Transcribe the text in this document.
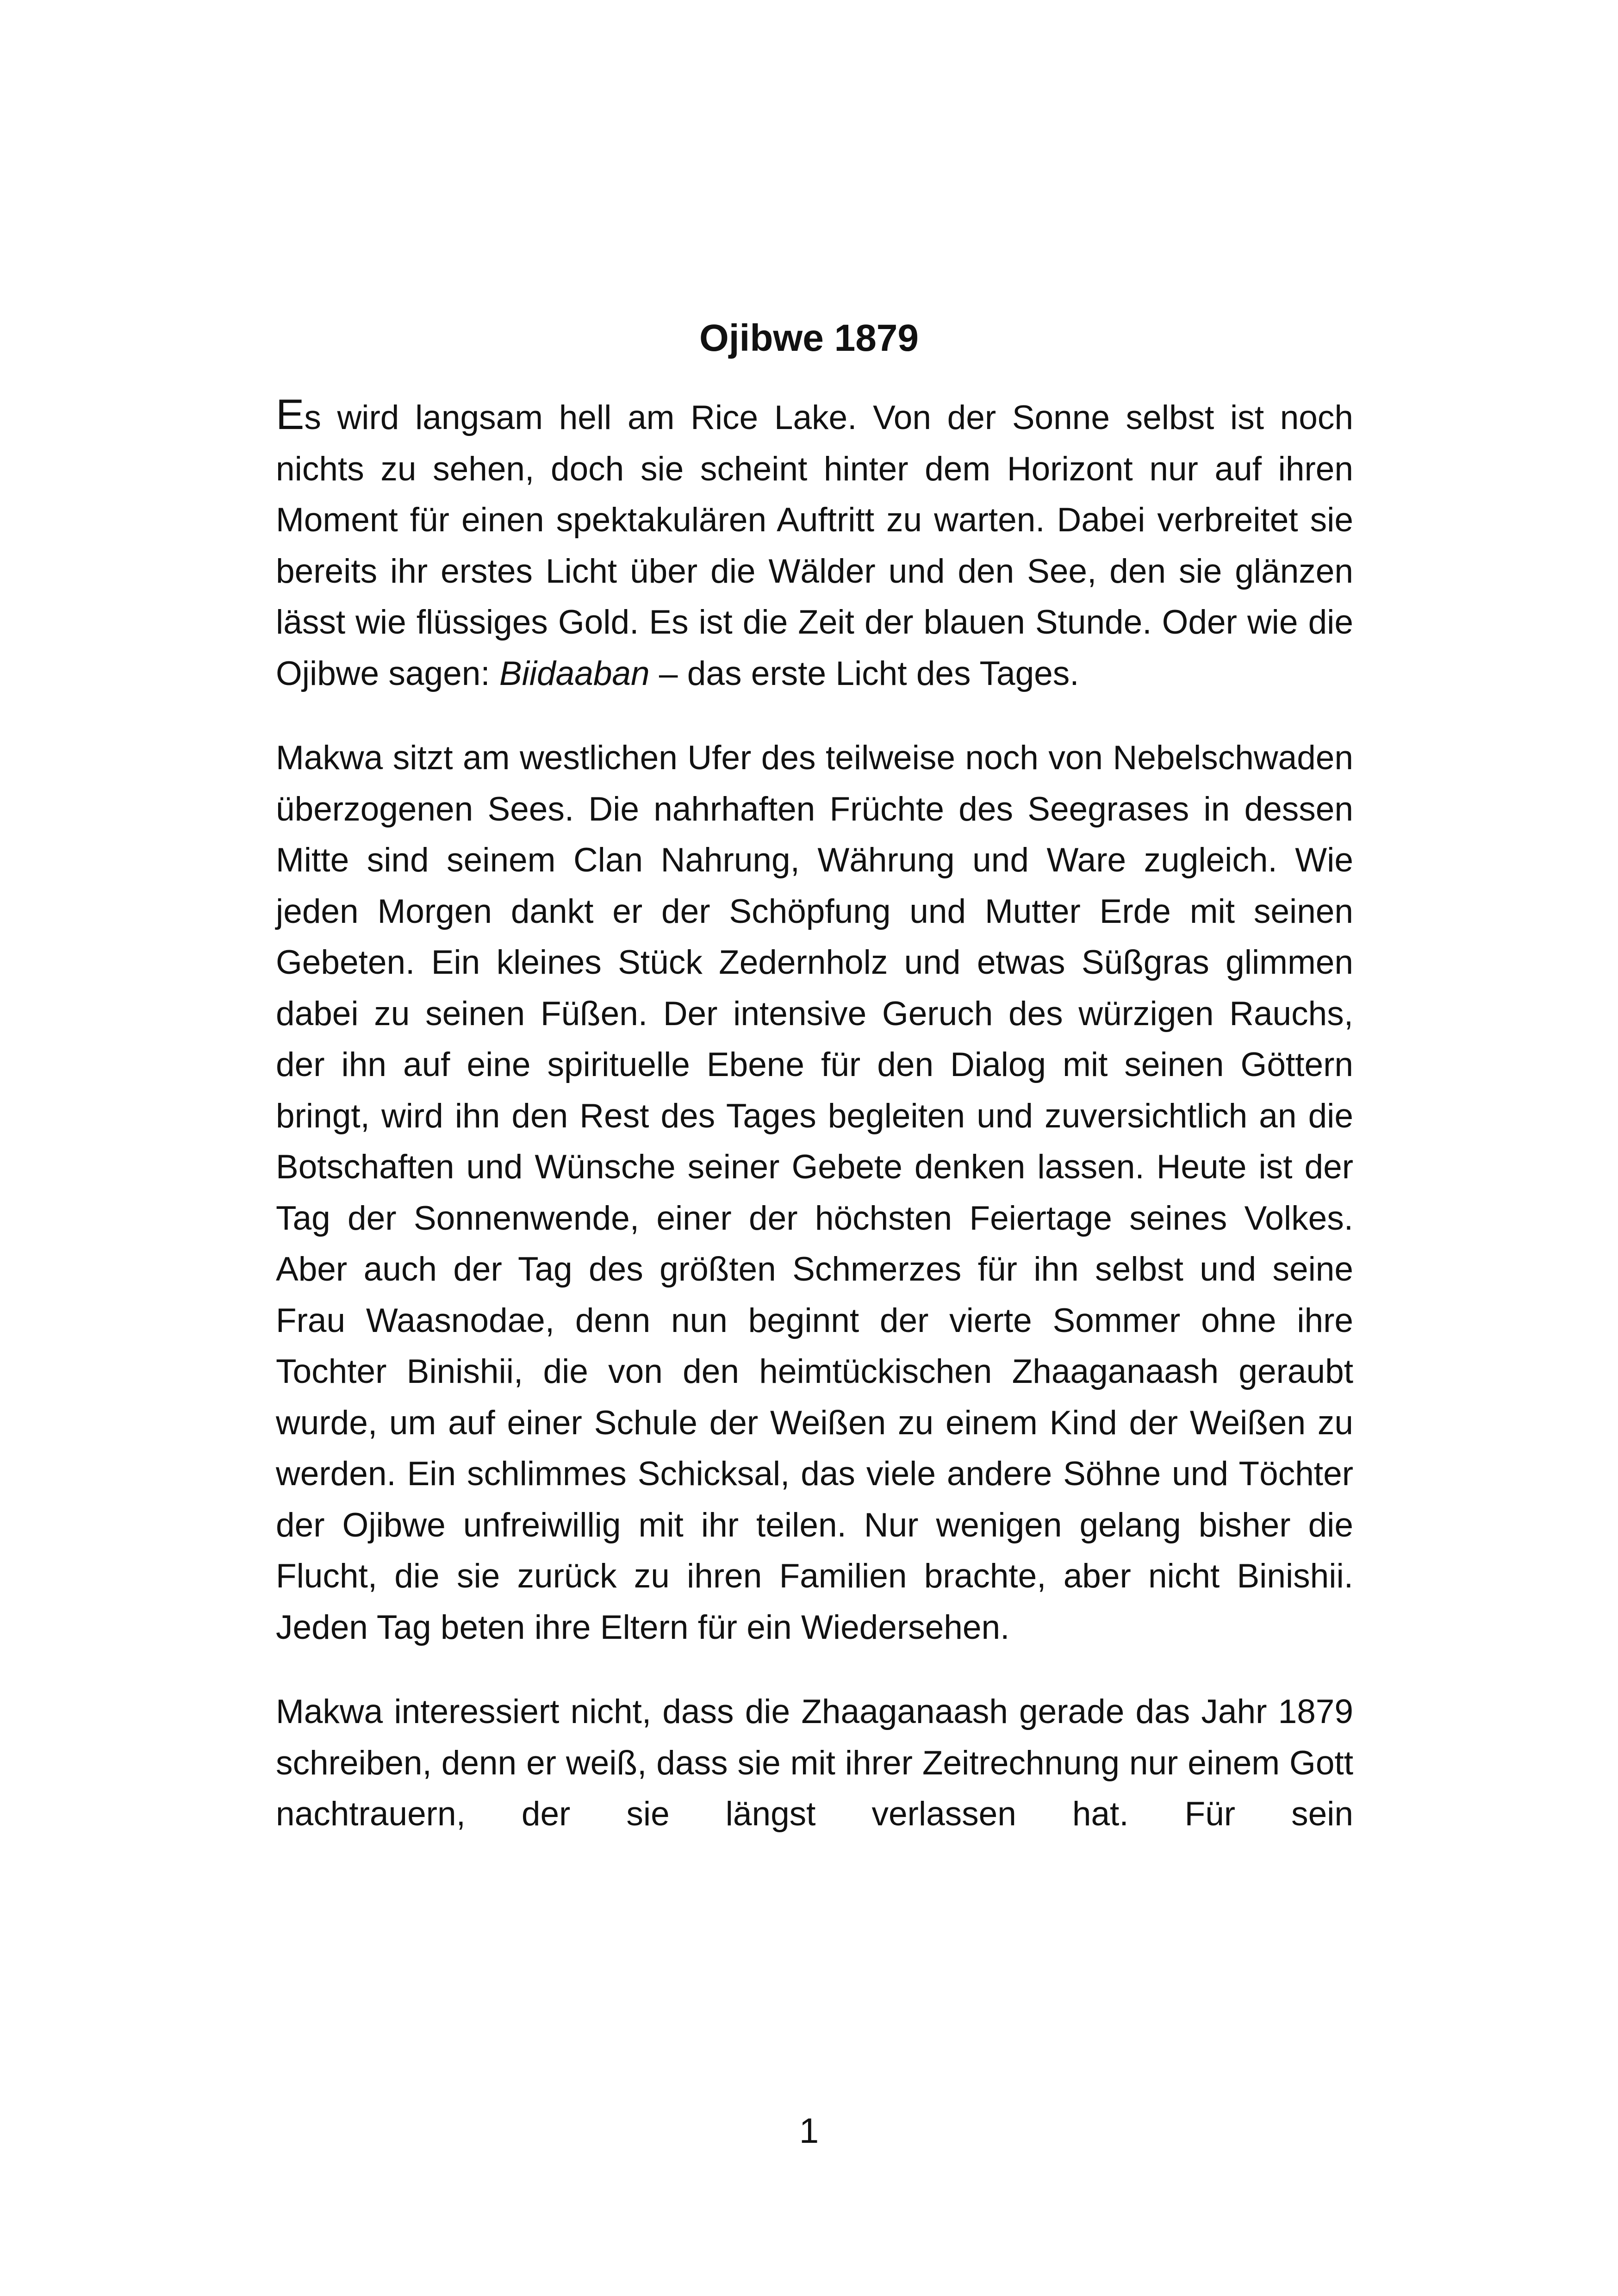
Ojibwe 1879

Es wird langsam hell am Rice Lake. Von der Sonne selbst ist noch nichts zu sehen, doch sie scheint hinter dem Horizont nur auf ihren Moment für einen spektakulären Auftritt zu warten. Dabei verbreitet sie bereits ihr erstes Licht über die Wälder und den See, den sie glänzen lässt wie flüssiges Gold. Es ist die Zeit der blauen Stunde. Oder wie die Ojibwe sagen: Biidaaban – das erste Licht des Tages.

Makwa sitzt am westlichen Ufer des teilweise noch von Nebelschwaden überzogenen Sees. Die nahrhaften Früchte des Seegrases in dessen Mitte sind seinem Clan Nahrung, Währung und Ware zugleich. Wie jeden Morgen dankt er der Schöpfung und Mutter Erde mit seinen Gebeten. Ein kleines Stück Zedernholz und etwas Süßgras glimmen dabei zu seinen Füßen. Der intensive Geruch des würzigen Rauchs, der ihn auf eine spirituelle Ebene für den Dialog mit seinen Göttern bringt, wird ihn den Rest des Tages begleiten und zuversichtlich an die Botschaften und Wünsche seiner Gebete denken lassen. Heute ist der Tag der Sonnenwende, einer der höchsten Feiertage seines Volkes. Aber auch der Tag des größten Schmerzes für ihn selbst und seine Frau Waasnodae, denn nun beginnt der vierte Sommer ohne ihre Tochter Binishii, die von den heimtückischen Zhaaganaash geraubt wurde, um auf einer Schule der Weißen zu einem Kind der Weißen zu werden. Ein schlimmes Schicksal, das viele andere Söhne und Töchter der Ojibwe unfreiwillig mit ihr teilen. Nur wenigen gelang bisher die Flucht, die sie zurück zu ihren Familien brachte, aber nicht Binishii. Jeden Tag beten ihre Eltern für ein Wiedersehen.

Makwa interessiert nicht, dass die Zhaaganaash gerade das Jahr 1879 schreiben, denn er weiß, dass sie mit ihrer Zeitrechnung nur einem Gott nachtrauern, der sie längst verlassen hat. Für sein

1
